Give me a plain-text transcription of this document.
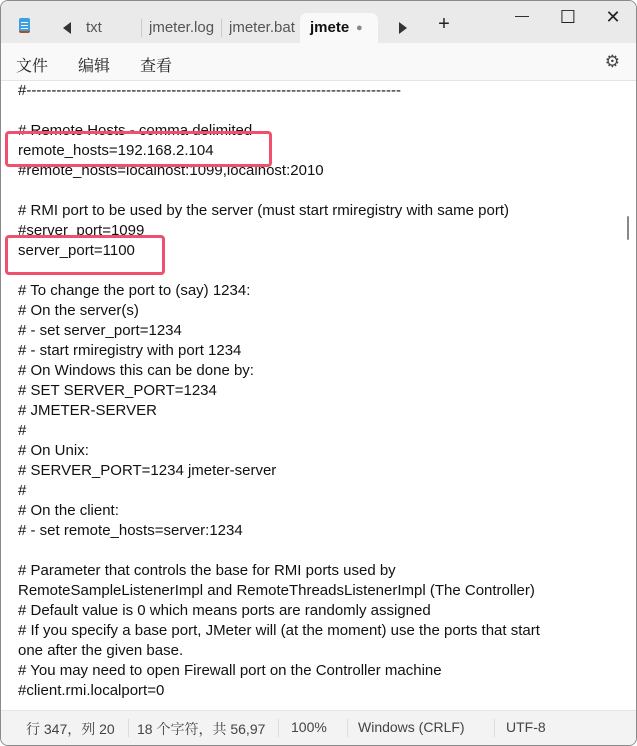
txt	jmeter.log jmeter.bat	jmete ●	+	—	☐	✕
文件 编辑 查看	⚙
#client.rmi.localport=0
# You may need to open Firewall port on the Controller machine
one after the given base.
# If you specify a base port, JMeter will (at the moment) use the ports that start
# Default value is 0 which means ports are randomly assigned
RemoteSampleListenerImpl and RemoteThreadsListenerImpl (The Controller)
# Parameter that controls the base for RMI ports used by
# - set remote_hosts=server:1234
# On the client:
#
# SERVER_PORT=1234 jmeter-server
# On Unix:
#
# JMETER-SERVER
# SET SERVER_PORT=1234
# On Windows this can be done by:
# - start rmiregistry with port 1234
# - set server_port=1234
# On the server(s)
# To change the port to (say) 1234:
server_port=1100
#server_port=1099
# RMI port to be used by the server (must start rmiregistry with same port)
#remote_hosts=localhost:1099,localhost:2010
remote_hosts=192.168.2.104
# Remote Hosts - comma delimited
#---------------------------------------------------------------------------
行 347，列 20 18 个字符，共 56,97	100% Windows (CRLF)	UTF-8
